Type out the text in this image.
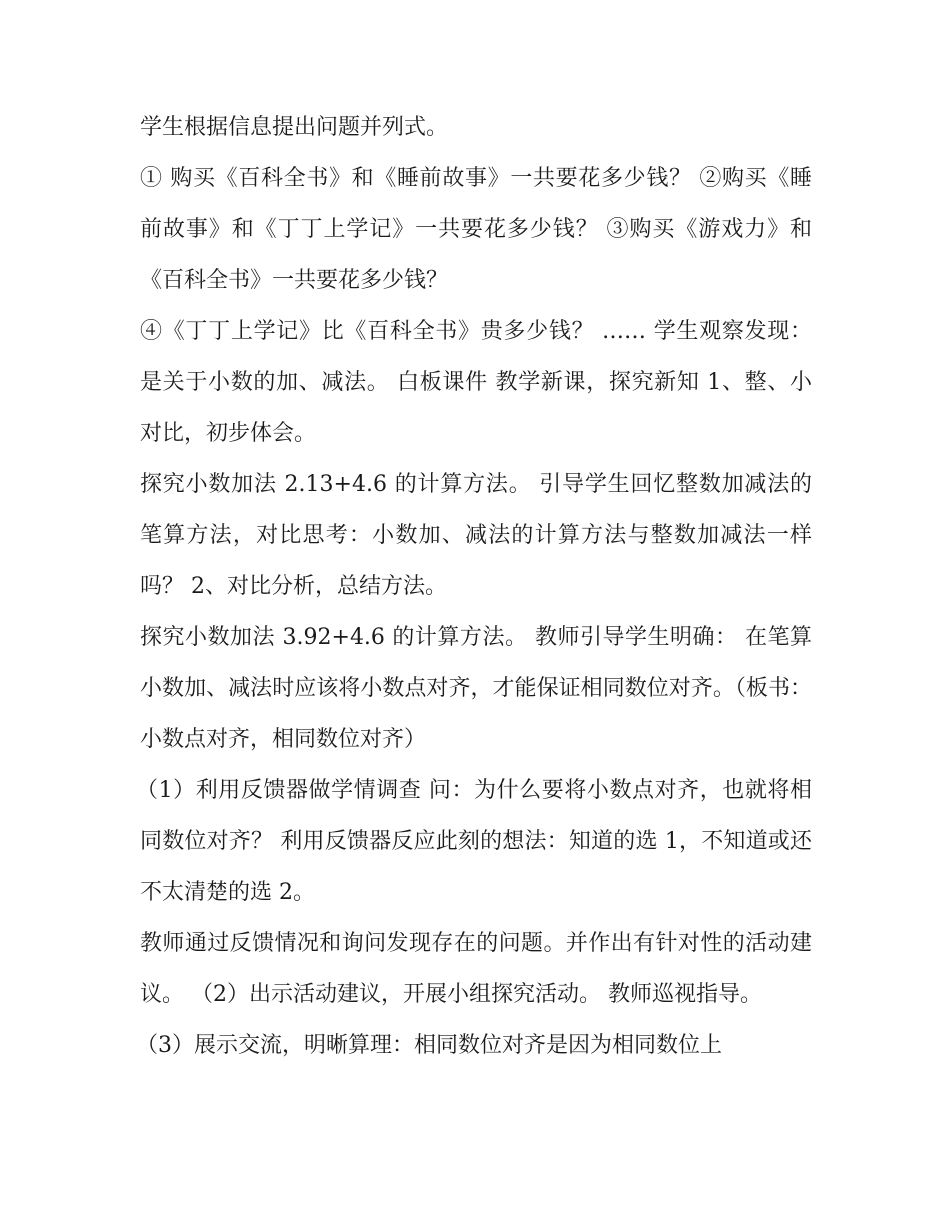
学生根据信息提出问题并列式。

① 购买《百科全书》和《睡前故事》一共要花多少钱？ ②购买《睡前故事》和《丁丁上学记》一共要花多少钱？ ③购买《游戏力》和《百科全书》一共要花多少钱？

④《丁丁上学记》比《百科全书》贵多少钱？ …… 学生观察发现：是关于小数的加、减法。 白板课件 教学新课，探究新知 1、整、小对比，初步体会。

探究小数加法 2.13+4.6 的计算方法。 引导学生回忆整数加减法的笔算方法，对比思考：小数加、减法的计算方法与整数加减法一样吗？ 2、对比分析，总结方法。

探究小数加法 3.92+4.6 的计算方法。 教师引导学生明确： 在笔算小数加、减法时应该将小数点对齐，才能保证相同数位对齐。（板书：小数点对齐，相同数位对齐）

（1）利用反馈器做学情调查 问：为什么要将小数点对齐，也就将相同数位对齐？ 利用反馈器反应此刻的想法：知道的选 1，不知道或还不太清楚的选 2。

教师通过反馈情况和询问发现存在的问题。并作出有针对性的活动建议。 （2）出示活动建议，开展小组探究活动。 教师巡视指导。

（3）展示交流，明晰算理：相同数位对齐是因为相同数位上
